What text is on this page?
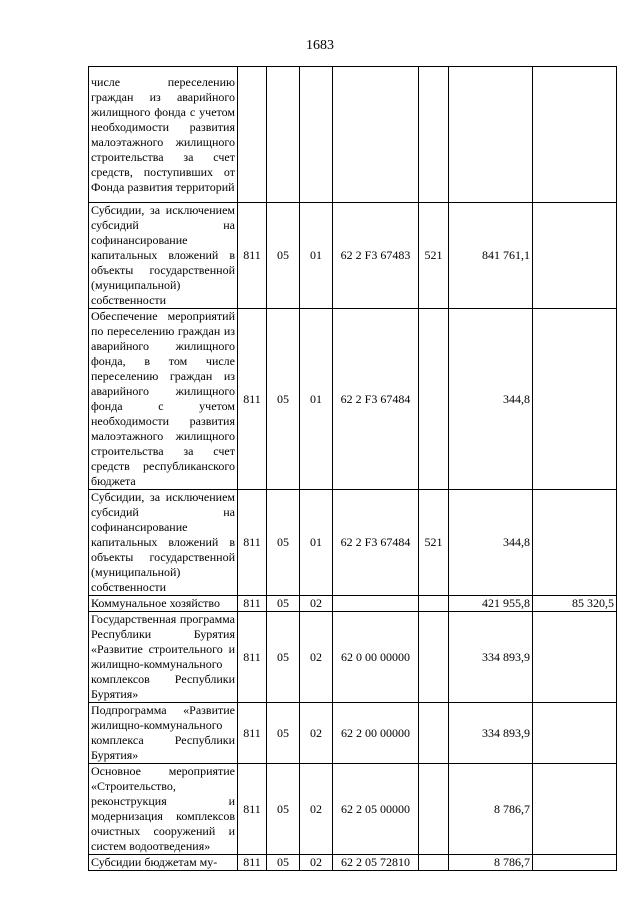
1683
числе переселению граждан из аварийного жилищного фонда с учетом необходимости развития малоэтажного жилищного строительства за счет средств, поступивших от Фонда развития территорий							
Субсидии, за исключением субсидий на софинансирование капитальных вложений в объекты государственной (муниципальной) собственности	811	05	01	62 2 F3 67483	521	841 761,1	
Обеспечение мероприятий по переселению граждан из аварийного жилищного фонда, в том числе переселению граждан из аварийного жилищного фонда с учетом необходимости развития малоэтажного жилищного строительства за счет средств республиканского бюджета	811	05	01	62 2 F3 67484		344,8	
Субсидии, за исключением субсидий на софинансирование капитальных вложений в объекты государственной (муниципальной) собственности	811	05	01	62 2 F3 67484	521	344,8	
Коммунальное хозяйство	811	05	02			421 955,8	85 320,5
Государственная программа Республики Бурятия «Развитие строительного и жилищно-коммунального комплексов Республики Бурятия»	811	05	02	62 0 00 00000		334 893,9	
Подпрограмма «Развитие жилищно-коммунального комплекса Республики Бурятия»	811	05	02	62 2 00 00000		334 893,9	
Основное мероприятие «Строительство, реконструкция и модернизация комплексов очистных сооружений и систем водоотведения»	811	05	02	62 2 05 00000		8 786,7	
Субсидии бюджетам му-	811	05	02	62 2 05 72810		8 786,7	
